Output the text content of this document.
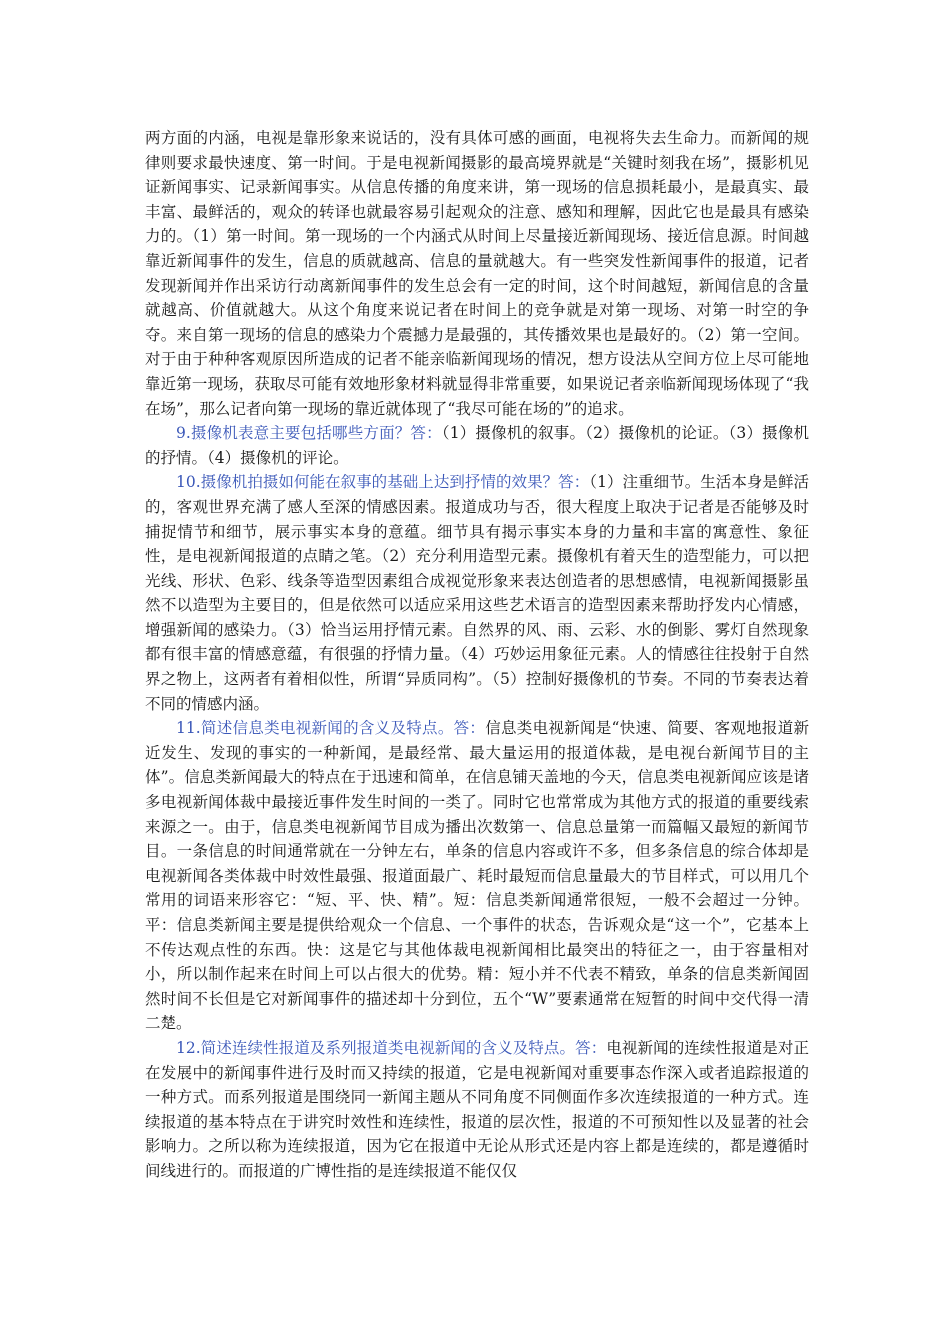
两方面的内涵，电视是靠形象来说话的，没有具体可感的画面，电视将失去生命力。而新闻的规律则要求最快速度、第一时间。于是电视新闻摄影的最高境界就是“关键时刻我在场”，摄影机见证新闻事实、记录新闻事实。从信息传播的角度来讲，第一现场的信息损耗最小，是最真实、最丰富、最鲜活的，观众的转译也就最容易引起观众的注意、感知和理解，因此它也是最具有感染力的。（1）第一时间。第一现场的一个内涵式从时间上尽量接近新闻现场、接近信息源。时间越靠近新闻事件的发生，信息的质就越高、信息的量就越大。有一些突发性新闻事件的报道，记者发现新闻并作出采访行动离新闻事件的发生总会有一定的时间，这个时间越短，新闻信息的含量就越高、价值就越大。从这个角度来说记者在时间上的竞争就是对第一现场、对第一时空的争夺。来自第一现场的信息的感染力个震撼力是最强的，其传播效果也是最好的。（2）第一空间。对于由于种种客观原因所造成的记者不能亲临新闻现场的情况，想方设法从空间方位上尽可能地靠近第一现场，获取尽可能有效地形象材料就显得非常重要，如果说记者亲临新闻现场体现了“我在场”，那么记者向第一现场的靠近就体现了“我尽可能在场的”的追求。

9.摄像机表意主要包括哪些方面？答：（1）摄像机的叙事。（2）摄像机的论证。（3）摄像机的抒情。（4）摄像机的评论。

10.摄像机拍摄如何能在叙事的基础上达到抒情的效果？答：（1）注重细节。生活本身是鲜活的，客观世界充满了感人至深的情感因素。报道成功与否，很大程度上取决于记者是否能够及时捕捉情节和细节，展示事实本身的意蕴。细节具有揭示事实本身的力量和丰富的寓意性、象征性，是电视新闻报道的点睛之笔。（2）充分利用造型元素。摄像机有着天生的造型能力，可以把光线、形状、色彩、线条等造型因素组合成视觉形象来表达创造者的思想感情，电视新闻摄影虽然不以造型为主要目的，但是依然可以适应采用这些艺术语言的造型因素来帮助抒发内心情感，增强新闻的感染力。（3）恰当运用抒情元素。自然界的风、雨、云彩、水的倒影、雾灯自然现象都有很丰富的情感意蕴，有很强的抒情力量。（4）巧妙运用象征元素。人的情感往往投射于自然界之物上，这两者有着相似性，所谓“异质同构”。（5）控制好摄像机的节奏。不同的节奏表达着不同的情感内涵。

11.简述信息类电视新闻的含义及特点。答：信息类电视新闻是“快速、简要、客观地报道新近发生、发现的事实的一种新闻，是最经常、最大量运用的报道体裁，是电视台新闻节目的主体”。信息类新闻最大的特点在于迅速和简单，在信息铺天盖地的今天，信息类电视新闻应该是诸多电视新闻体裁中最接近事件发生时间的一类了。同时它也常常成为其他方式的报道的重要线索来源之一。由于，信息类电视新闻节目成为播出次数第一、信息总量第一而篇幅又最短的新闻节目。一条信息的时间通常就在一分钟左右，单条的信息内容或许不多，但多条信息的综合体却是电视新闻各类体裁中时效性最强、报道面最广、耗时最短而信息量最大的节目样式，可以用几个常用的词语来形容它：“短、平、快、精”。短：信息类新闻通常很短，一般不会超过一分钟。平：信息类新闻主要是提供给观众一个信息、一个事件的状态，告诉观众是“这一个”，它基本上不传达观点性的东西。快：这是它与其他体裁电视新闻相比最突出的特征之一，由于容量相对小，所以制作起来在时间上可以占很大的优势。精：短小并不代表不精致，单条的信息类新闻固然时间不长但是它对新闻事件的描述却十分到位，五个“W”要素通常在短暂的时间中交代得一清二楚。

12.简述连续性报道及系列报道类电视新闻的含义及特点。答：电视新闻的连续性报道是对正在发展中的新闻事件进行及时而又持续的报道，它是电视新闻对重要事态作深入或者追踪报道的一种方式。而系列报道是围绕同一新闻主题从不同角度不同侧面作多次连续报道的一种方式。连续报道的基本特点在于讲究时效性和连续性，报道的层次性，报道的不可预知性以及显著的社会影响力。之所以称为连续报道，因为它在报道中无论从形式还是内容上都是连续的，都是遵循时间线进行的。而报道的广博性指的是连续报道不能仅仅
